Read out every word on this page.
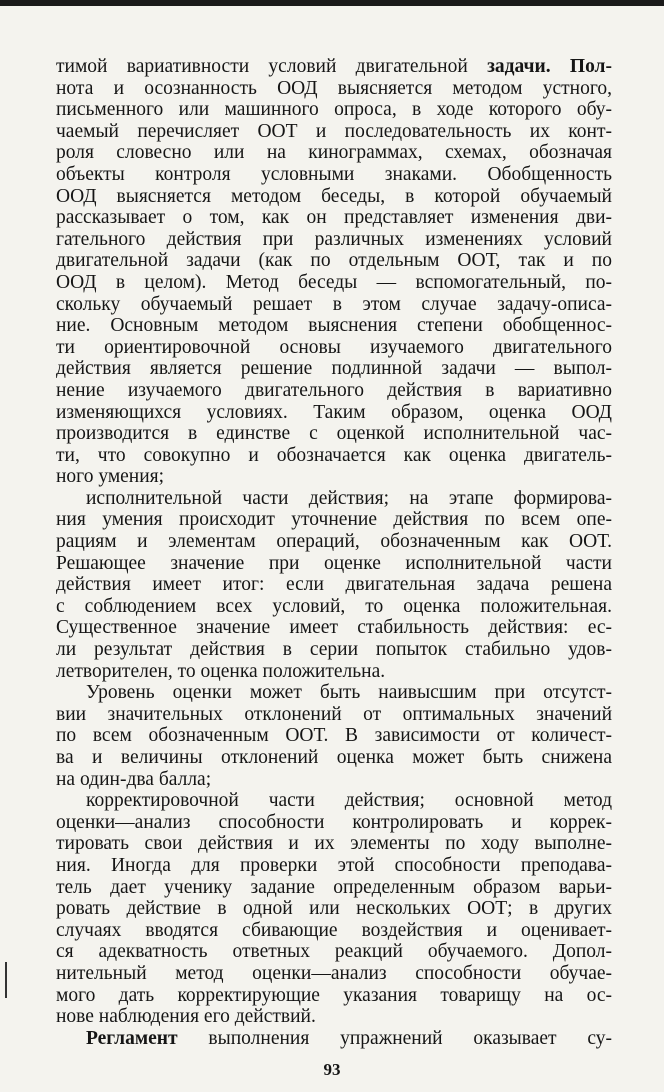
тимой вариативности условий двигательной задачи. Пол-
нота и осознанность ООД выясняется методом устного,
письменного или машинного опроса, в ходе которого обу-
чаемый перечисляет ООТ и последовательность их конт-
роля словесно или на кинограммах, схемах, обозначая
объекты контроля условными знаками. Обобщенность
ООД выясняется методом беседы, в которой обучаемый
рассказывает о том, как он представляет изменения дви-
гательного действия при различных изменениях условий
двигательной задачи (как по отдельным ООТ, так и по
ООД в целом). Метод беседы — вспомогательный, по-
скольку обучаемый решает в этом случае задачу-описа-
ние. Основным методом выяснения степени обобщеннос-
ти ориентировочной основы изучаемого двигательного
действия является решение подлинной задачи — выпол-
нение изучаемого двигательного действия в вариативно
изменяющихся условиях. Таким образом, оценка ООД
производится в единстве с оценкой исполнительной час-
ти, что совокупно и обозначается как оценка двигатель-
ного умения;
исполнительной части действия; на этапе формирова-
ния умения происходит уточнение действия по всем опе-
рациям и элементам операций, обозначенным как ООТ.
Решающее значение при оценке исполнительной части
действия имеет итог: если двигательная задача решена
с соблюдением всех условий, то оценка положительная.
Существенное значение имеет стабильность действия: ес-
ли результат действия в серии попыток стабильно удов-
летворителен, то оценка положительна.
Уровень оценки может быть наивысшим при отсутст-
вии значительных отклонений от оптимальных значений
по всем обозначенным ООТ. В зависимости от количест-
ва и величины отклонений оценка может быть снижена
на один-два балла;
корректировочной части действия; основной метод
оценки—анализ способности контролировать и коррек-
тировать свои действия и их элементы по ходу выполне-
ния. Иногда для проверки этой способности преподава-
тель дает ученику задание определенным образом варьи-
ровать действие в одной или нескольких ООТ; в других
случаях вводятся сбивающие воздействия и оценивает-
ся адекватность ответных реакций обучаемого. Допол-
нительный метод оценки—анализ способности обучае-
мого дать корректирующие указания товарищу на ос-
нове наблюдения его действий.
Регламент выполнения упражнений оказывает су-
93
